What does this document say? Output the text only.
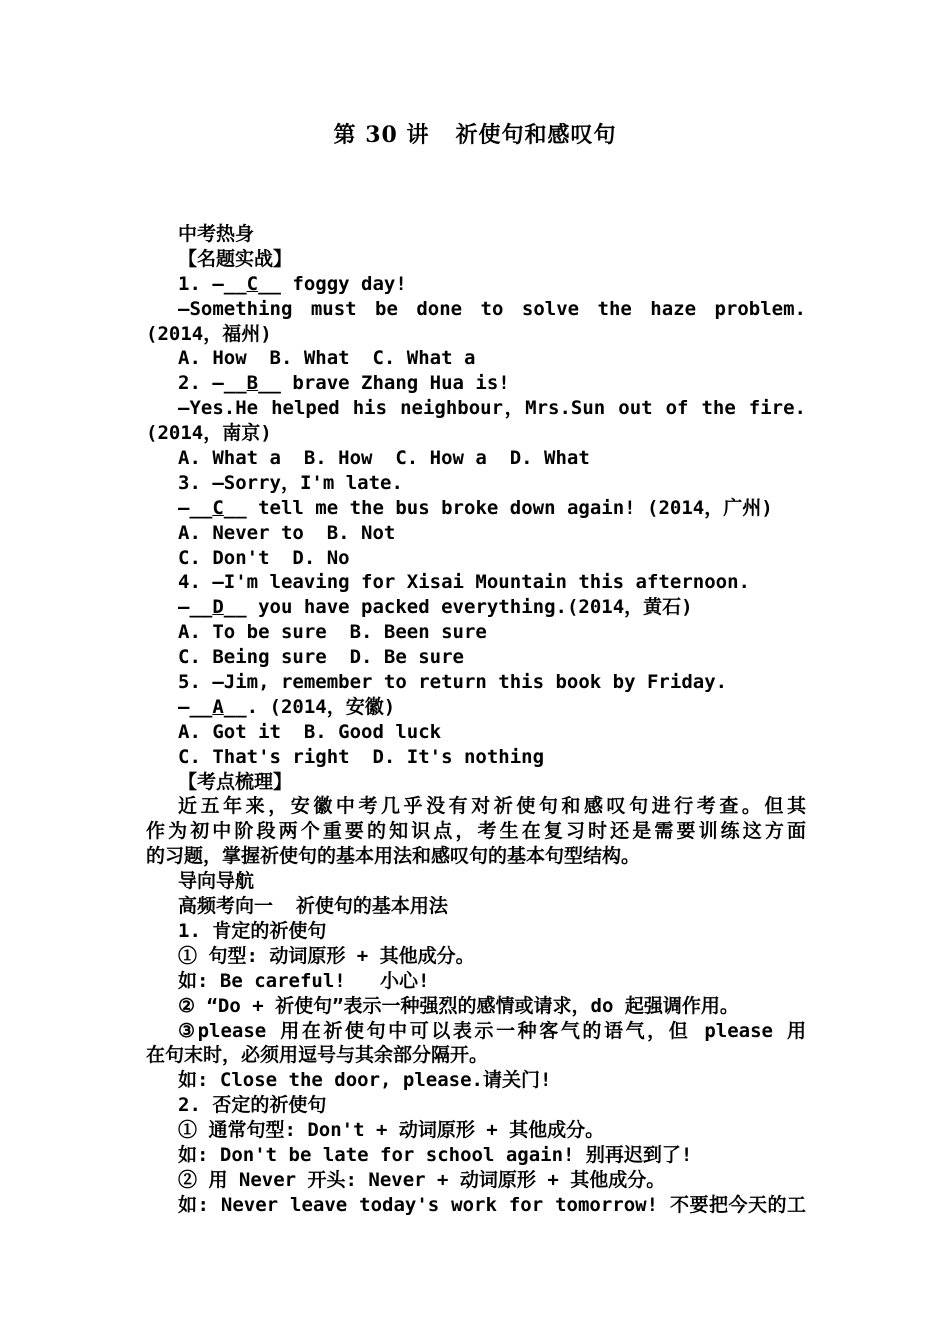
第 30 讲   祈使句和感叹句
中考热身
【名题实战】
1. —__C__ foggy day!
—Something must be done to solve the haze problem.
(2014，福州)
A. How  B. What  C. What a
2. —__B__ brave Zhang Hua is!
—Yes.He helped his neighbour，Mrs.Sun out of the fire.
(2014，南京)
A. What a  B. How  C. How a  D. What
3. —Sorry，I'm late.
—__C__ tell me the bus broke down again! (2014，广州)
A. Never to  B. Not
C. Don't  D. No
4. —I'm leaving for Xisai Mountain this afternoon.
—__D__ you have packed everything.(2014，黄石)
A. To be sure  B. Been sure
C. Being sure  D. Be sure
5. —Jim, remember to return this book by Friday.
—__A__. (2014，安徽)
A. Got it  B. Good luck
C. That's right  D. It's nothing
【考点梳理】
近五年来，安徽中考几乎没有对祈使句和感叹句进行考查。但其
作为初中阶段两个重要的知识点，考生在复习时还是需要训练这方面
的习题，掌握祈使句的基本用法和感叹句的基本句型结构。
导向导航
高频考向一  祈使句的基本用法
1. 肯定的祈使句
① 句型: 动词原形 + 其他成分。
如: Be careful!   小心!
② “Do + 祈使句”表示一种强烈的感情或请求，do 起强调作用。
③please 用在祈使句中可以表示一种客气的语气，但 please 用
在句末时，必须用逗号与其余部分隔开。
如: Close the door, please.请关门!
2. 否定的祈使句
① 通常句型: Don't + 动词原形 + 其他成分。
如: Don't be late for school again! 别再迟到了!
② 用 Never 开头: Never + 动词原形 + 其他成分。
如: Never leave today's work for tomorrow! 不要把今天的工
